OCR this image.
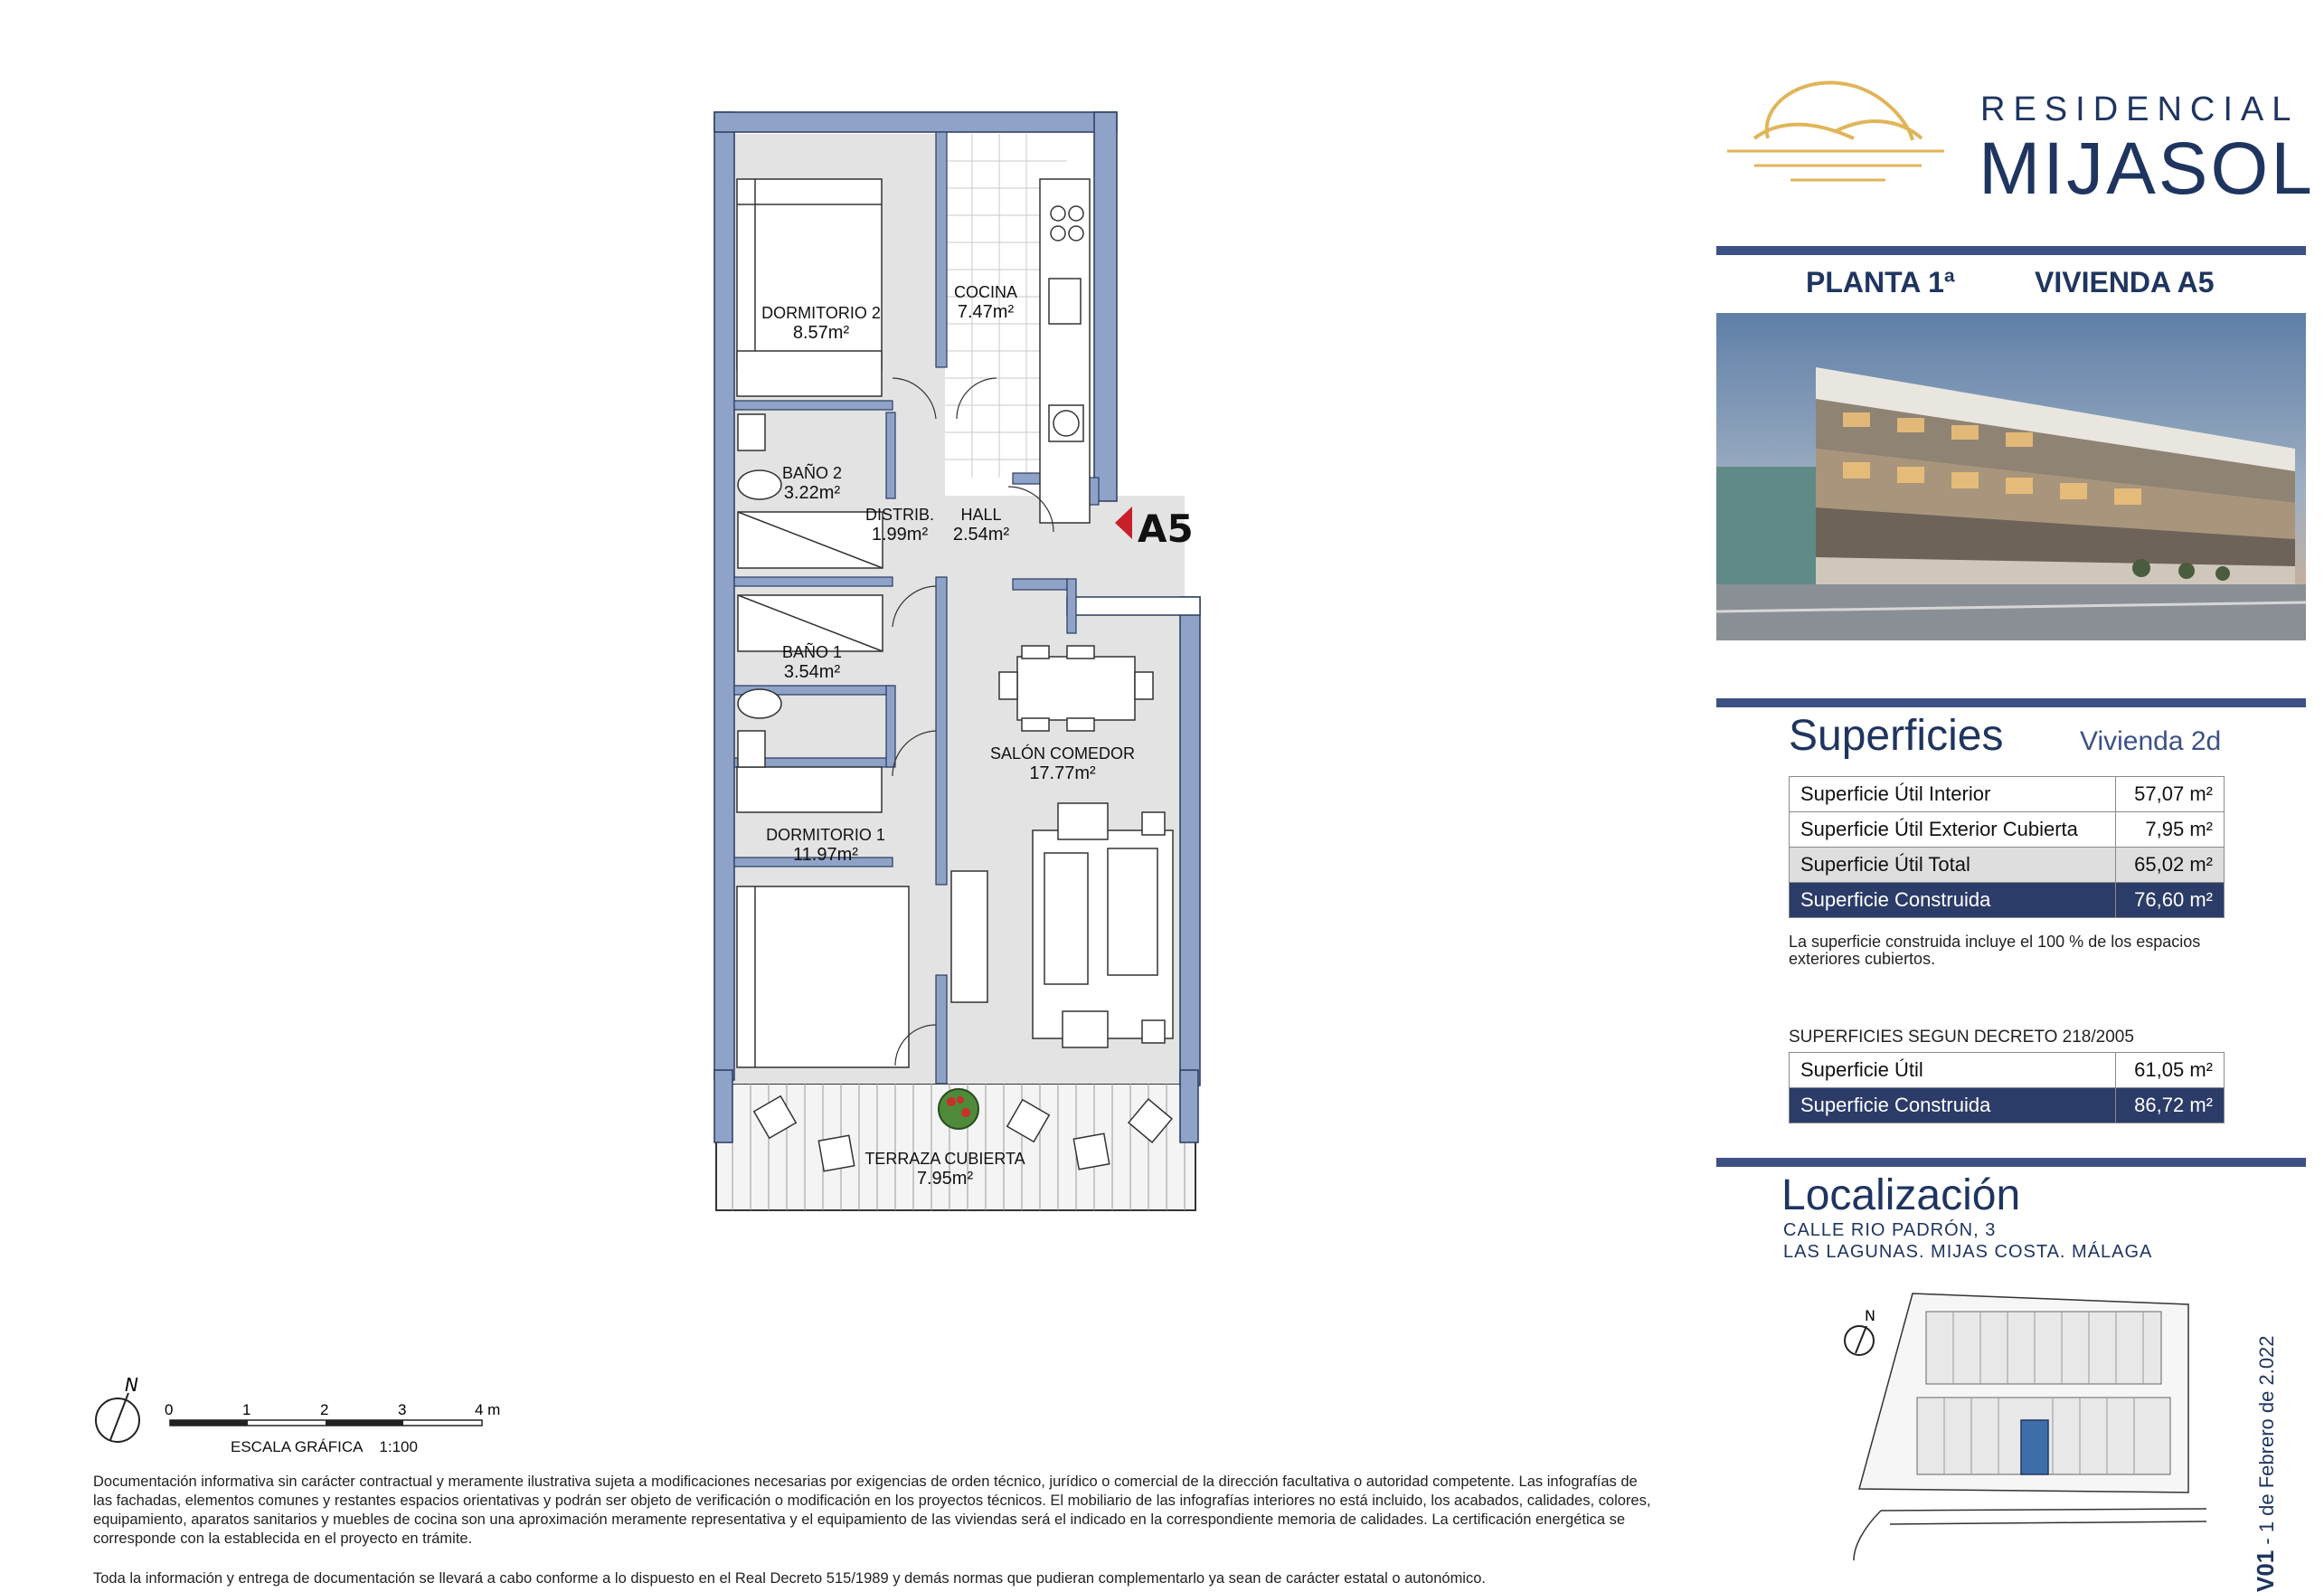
RESIDENCIAL
MIJASOL
PLANTA 1ª	VIVIENDA A5
Superficies	Vivienda 2d
Superficie Útil Interior	57,07 m²
Superficie Útil Exterior Cubierta	7,95 m²
Superficie Útil Total	65,02 m²
Superficie Construida	76,60 m²
La superficie construida incluye el 100 % de los espacios exteriores cubiertos.
SUPERFICIES SEGUN DECRETO 218/2005
Superficie Útil	61,05 m²
Superficie Construida	86,72 m²
Localización
CALLE RIO PADRÓN, 3
LAS LAGUNAS. MIJAS COSTA. MÁLAGA
N
V01 - 1 de Febrero de 2.022
A5
DORMITORIO 2
8.57m²
COCINA
7.47m²
BAÑO 2
3.22m²
DISTRIB.
1.99m²
HALL
2.54m²
BAÑO 1
3.54m²
SALÓN COMEDOR
17.77m²
DORMITORIO 1
11.97m²
TERRAZA CUBIERTA
7.95m²
N
0	1	2	3	4 m
ESCALA GRÁFICA    1:100
Documentación informativa sin carácter contractual y meramente ilustrativa sujeta a modificaciones necesarias por exigencias de orden técnico, jurídico o comercial de la dirección facultativa o autoridad competente. Las infografías de las fachadas, elementos comunes y restantes espacios orientativas y podrán ser objeto de verificación o modificación en los proyectos técnicos. El mobiliario de las infografías interiores no está incluido, los acabados, calidades, colores, equipamiento, aparatos sanitarios y muebles de cocina son una aproximación meramente representativa y el equipamiento de las viviendas será el indicado en la correspondiente memoria de calidades. La certificación energética se corresponde con la establecida en el proyecto en trámite.
Toda la información y entrega de documentación se llevará a cabo conforme a lo dispuesto en el Real Decreto 515/1989 y demás normas que pudieran complementarlo ya sean de carácter estatal o autonómico.
